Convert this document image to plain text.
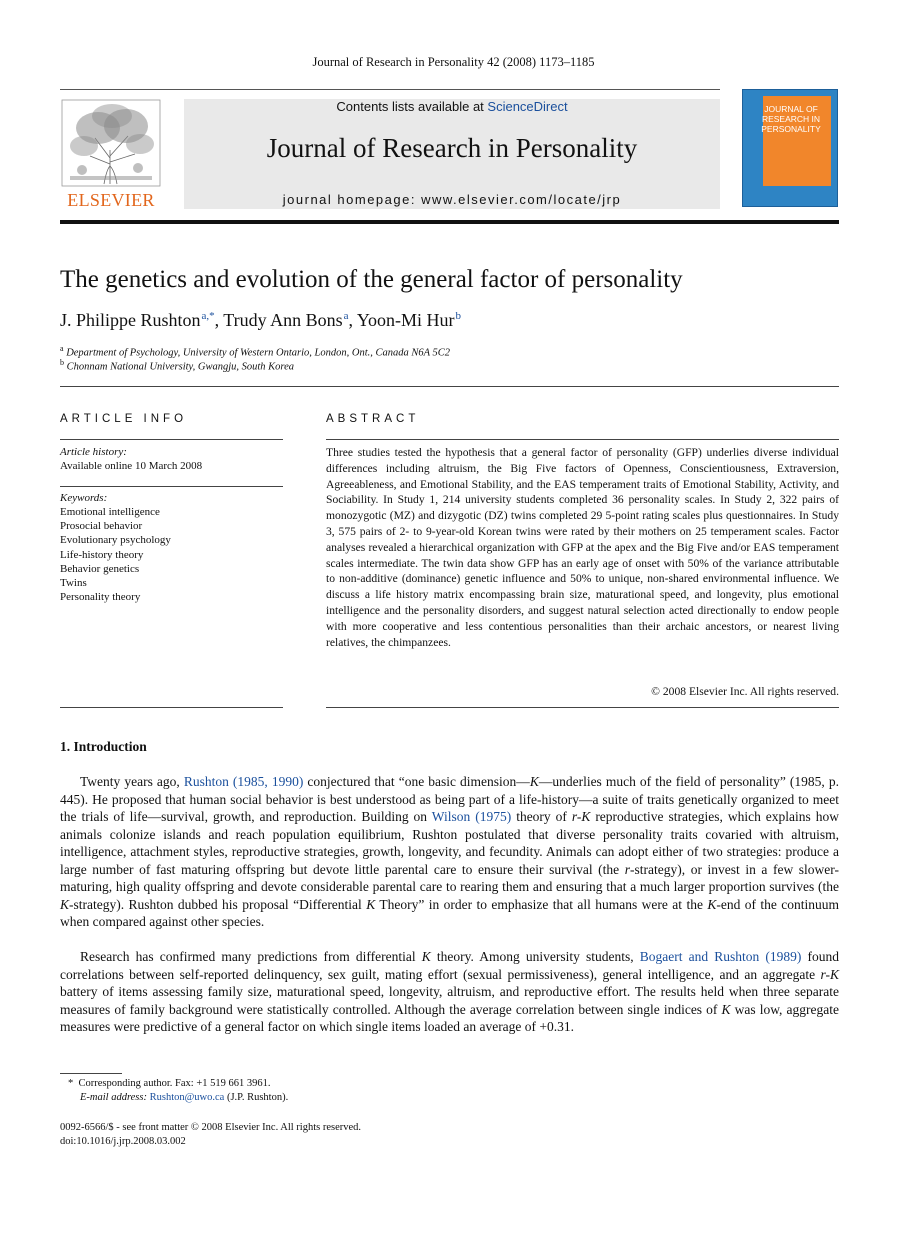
Journal of Research in Personality 42 (2008) 1173–1185
ELSEVIER
Contents lists available at ScienceDirect
Journal of Research in Personality
journal homepage: www.elsevier.com/locate/jrp
JOURNAL OF
RESEARCH IN
PERSONALITY
The genetics and evolution of the general factor of personality
J. Philippe Rushton $^{a,*}$, Trudy Ann Bons $^a$, Yoon-Mi Hur $^b$
$^a$ Department of Psychology, University of Western Ontario, London, Ont., Canada N6A 5C2
$^b$ Chonnam National University, Gwangju, South Korea
ARTICLE INFO
Article history:
Available online 10 March 2008
Keywords:
Emotional intelligence
Prosocial behavior
Evolutionary psychology
Life-history theory
Behavior genetics
Twins
Personality theory
ABSTRACT
Three studies tested the hypothesis that a general factor of personality (GFP) underlies diverse individual differences including altruism, the Big Five factors of Openness, Conscientiousness, Extraversion, Agreeableness, and Emotional Stability, and the EAS temperament traits of Emotional Stability, Activity, and Sociability. In Study 1, 214 university students completed 36 personality scales. In Study 2, 322 pairs of monozygotic (MZ) and dizygotic (DZ) twins completed 29 5-point rating scales plus questionnaires. In Study 3, 575 pairs of 2- to 9-year-old Korean twins were rated by their mothers on 25 temperament scales. Factor analyses revealed a hierarchical organization with GFP at the apex and the Big Five and/or EAS temperament scales intermediate. The twin data show GFP has an early age of onset with 50% of the variance attributable to non-additive (dominance) genetic influence and 50% to unique, non-shared environmental influence. We discuss a life history matrix encompassing brain size, maturational speed, and longevity, plus emotional intelligence and the personality disorders, and suggest natural selection acted directionally to endow people with more cooperative and less contentious personalities than their archaic ancestors, or nearest living relatives, the chimpanzees.
© 2008 Elsevier Inc. All rights reserved.
1. Introduction
Twenty years ago, Rushton (1985, 1990) conjectured that “one basic dimension—K—underlies much of the field of personality” (1985, p. 445). He proposed that human social behavior is best understood as being part of a life-history—a suite of traits genetically organized to meet the trials of life—survival, growth, and reproduction. Building on Wilson (1975) theory of r-K reproductive strategies, which explains how animals colonize islands and reach population equilibrium, Rushton postulated that diverse personality traits covaried with altruism, intelligence, attachment styles, reproductive strategies, growth, longevity, and fecundity. Animals can adopt either of two strategies: produce a large number of fast maturing offspring but devote little parental care to ensure their survival (the r-strategy), or invest in a few slower-maturing, high quality offspring and devote considerable parental care to rearing them and ensuring that a much larger proportion survives (the K-strategy). Rushton dubbed his proposal “Differential K Theory” in order to emphasize that all humans were at the K-end of the continuum when compared against other species.
Research has confirmed many predictions from differential K theory. Among university students, Bogaert and Rushton (1989) found correlations between self-reported delinquency, sex guilt, mating effort (sexual permissiveness), general intelligence, and an aggregate r-K battery of items assessing family size, maturational speed, longevity, altruism, and reproductive effort. The results held when three separate measures of family background were statistically controlled. Although the average correlation between single indices of K was low, aggregate measures were predictive of a general factor on which single items loaded an average of +0.31.
* Corresponding author. Fax: +1 519 661 3961.
E-mail address: Rushton@uwo.ca (J.P. Rushton).
0092-6566/$ - see front matter © 2008 Elsevier Inc. All rights reserved.
doi:10.1016/j.jrp.2008.03.002
